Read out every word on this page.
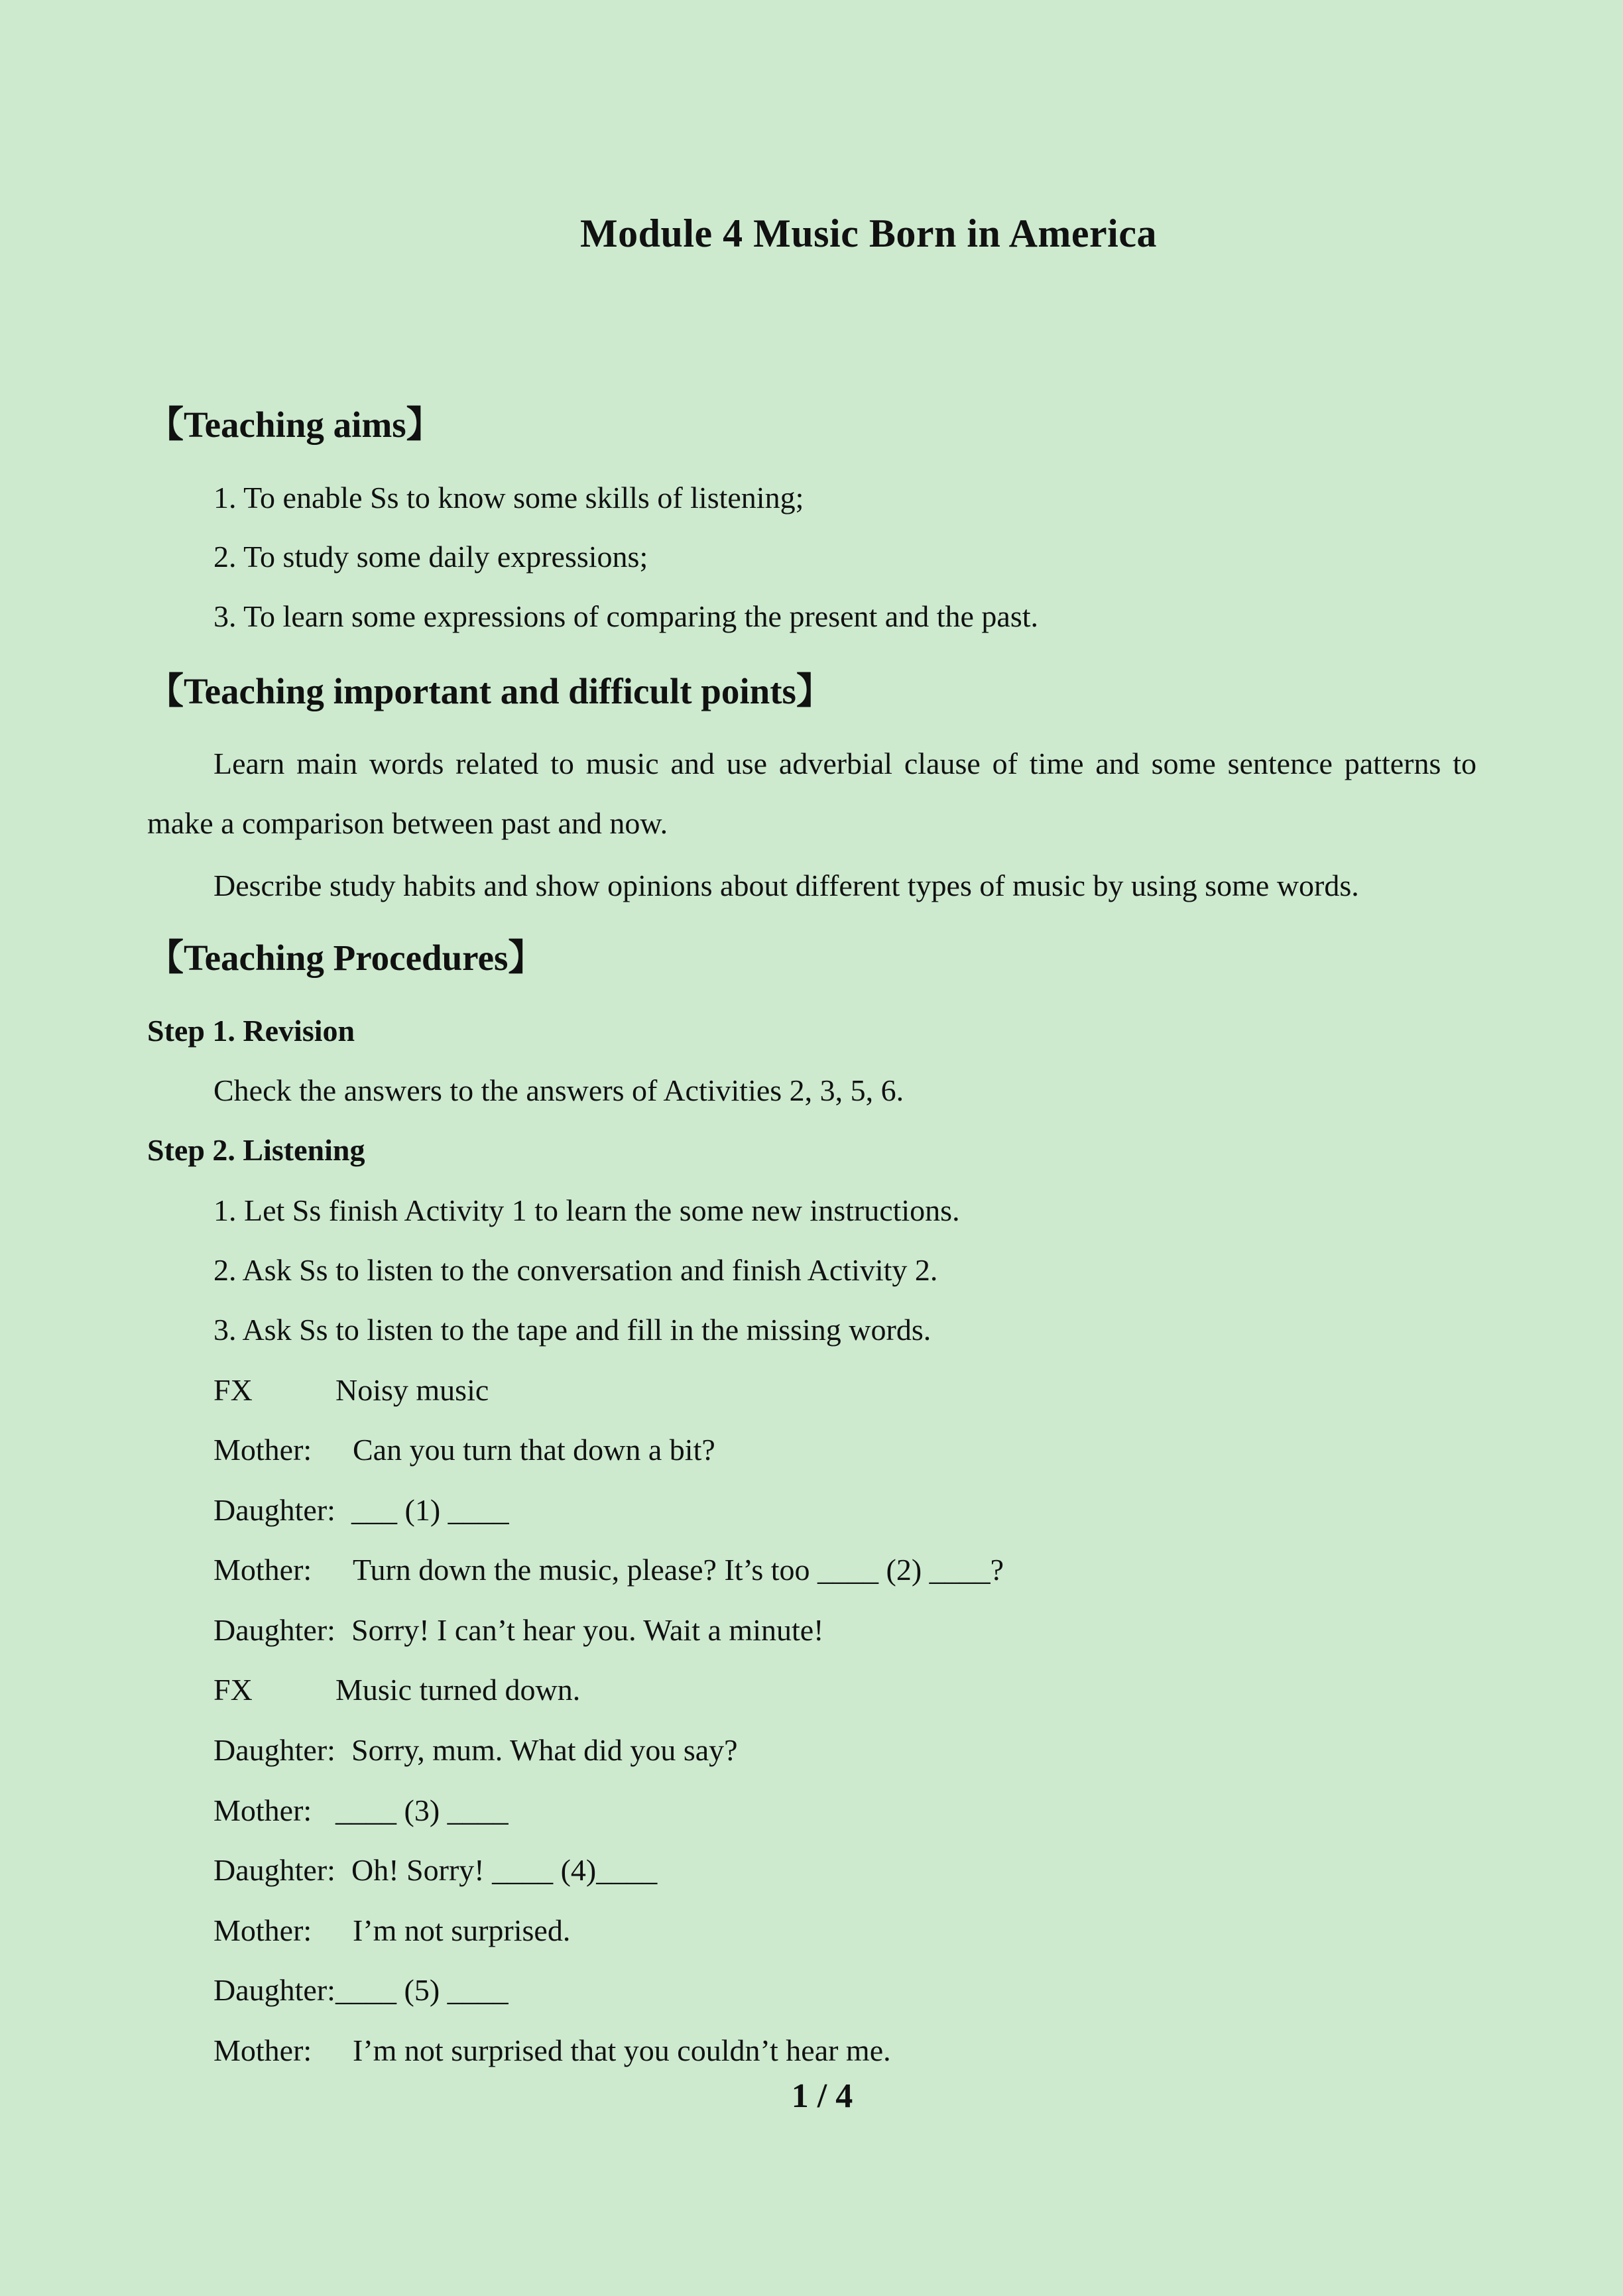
Module 4 Music Born in America
【Teaching aims】
1. To enable Ss to know some skills of listening;
2. To study some daily expressions;
3. To learn some expressions of comparing the present and the past.
【Teaching important and difficult points】
Learn main words related to music and use adverbial clause of time and some sentence patterns to make a comparison between past and now.
Describe study habits and show opinions about different types of music by using some words.
【Teaching Procedures】
Step 1. Revision
Check the answers to the answers of Activities 2, 3, 5, 6.
Step 2. Listening
1. Let Ss finish Activity 1 to learn the some new instructions.
2. Ask Ss to listen to the conversation and finish Activity 2.
3. Ask Ss to listen to the tape and fill in the missing words.
FX	Noisy music
Mother: Can you turn that down a bit?
Daughter: ___ (1) ____
Mother: Turn down the music, please? It’s too ____ (2) ____?
Daughter: Sorry! I can’t hear you. Wait a minute!
FX	Music turned down.
Daughter: Sorry, mum. What did you say?
Mother: ____ (3) ____
Daughter: Oh! Sorry! ____ (4)____
Mother: I’m not surprised.
Daughter: ____ (5) ____
Mother: I’m not surprised that you couldn’t hear me.
1 / 4
